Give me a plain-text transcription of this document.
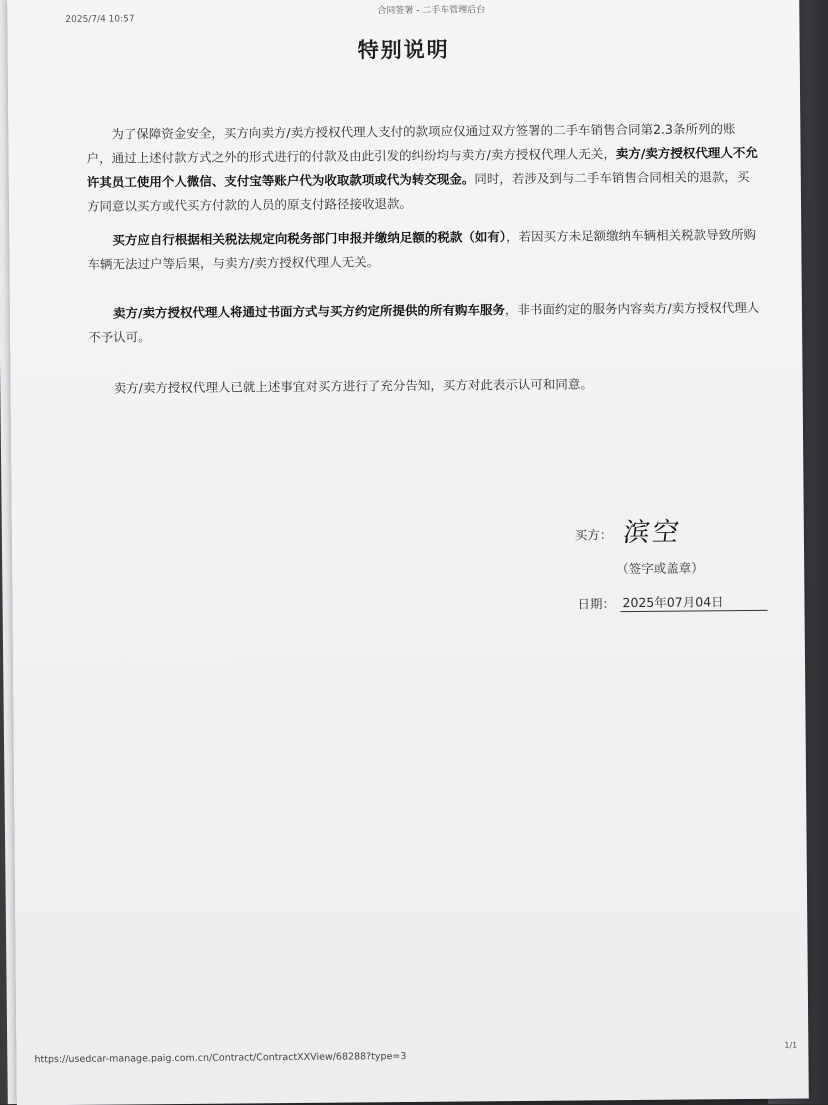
2025/7/4 10:57
合同签署 - 二手车管理后台
特别说明
为了保障资金安全，买方向卖方/卖方授权代理人支付的款项应仅通过双方签署的二手车销售合同第2.3条所列的账户，通过上述付款方式之外的形式进行的付款及由此引发的纠纷均与卖方/卖方授权代理人无关，卖方/卖方授权代理人不允许其员工使用个人微信、支付宝等账户代为收取款项或代为转交现金。同时，若涉及到与二手车销售合同相关的退款，买方同意以买方或代买方付款的人员的原支付路径接收退款。
买方应自行根据相关税法规定向税务部门申报并缴纳足额的税款（如有），若因买方未足额缴纳车辆相关税款导致所购车辆无法过户等后果，与卖方/卖方授权代理人无关。
卖方/卖方授权代理人将通过书面方式与买方约定所提供的所有购车服务，非书面约定的服务内容卖方/卖方授权代理人不予认可。
卖方/卖方授权代理人已就上述事宜对买方进行了充分告知，买方对此表示认可和同意。
买方： 滨空
（签字或盖章）
日期： 2025年07月04日
https://usedcar-manage.paig.com.cn/Contract/ContractXXView/68288?type=3
1/1
